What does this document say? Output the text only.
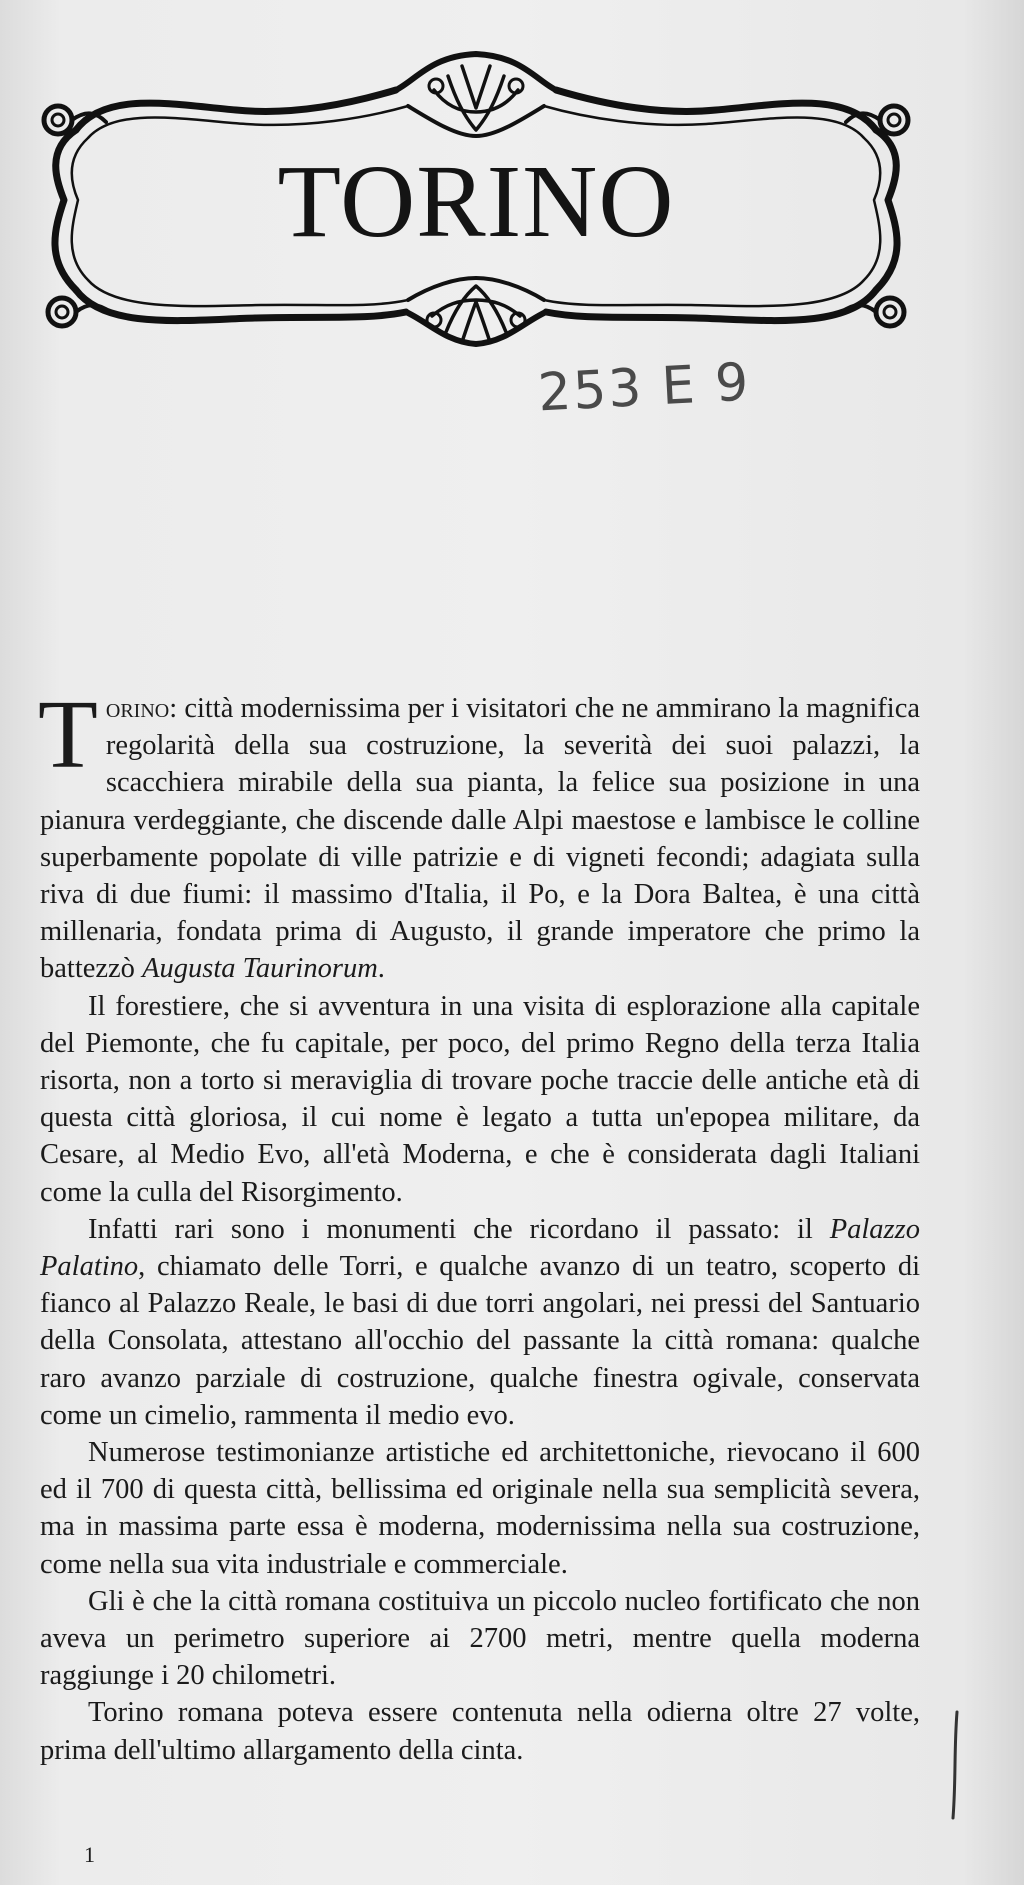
TORINO
253 E 9

Torino: città modernissima per i visitatori che ne ammirano la magnifica regolarità della sua costruzione, la severità dei suoi palazzi, la scacchiera mirabile della sua pianta, la felice sua posizione in una pianura verdeggiante, che discende dalle Alpi maestose e lambisce le colline superbamente popolate di ville patrizie e di vigneti fecondi; adagiata sulla riva di due fiumi: il massimo d'Italia, il Po, e la Dora Baltea, è una città millenaria, fondata prima di Augusto, il grande imperatore che primo la battezzò Augusta Taurinorum.

Il forestiere, che si avventura in una visita di esplorazione alla capitale del Piemonte, che fu capitale, per poco, del primo Regno della terza Italia risorta, non a torto si meraviglia di trovare poche traccie delle antiche età di questa città gloriosa, il cui nome è legato a tutta un'epopea militare, da Cesare, al Medio Evo, all'età Moderna, e che è considerata dagli Italiani come la culla del Risorgimento.

Infatti rari sono i monumenti che ricordano il passato: il Palazzo Palatino, chiamato delle Torri, e qualche avanzo di un teatro, scoperto di fianco al Palazzo Reale, le basi di due torri angolari, nei pressi del Santuario della Consolata, attestano all'occhio del passante la città romana: qualche raro avanzo parziale di costruzione, qualche finestra ogivale, conservata come un cimelio, rammenta il medio evo.

Numerose testimonianze artistiche ed architettoniche, rievocano il 600 ed il 700 di questa città, bellissima ed originale nella sua semplicità severa, ma in massima parte essa è moderna, modernissima nella sua costruzione, come nella sua vita industriale e commerciale.

Gli è che la città romana costituiva un piccolo nucleo fortificato che non aveva un perimetro superiore ai 2700 metri, mentre quella moderna raggiunge i 20 chilometri.

Torino romana poteva essere contenuta nella odierna oltre 27 volte, prima dell'ultimo allargamento della cinta.

1
